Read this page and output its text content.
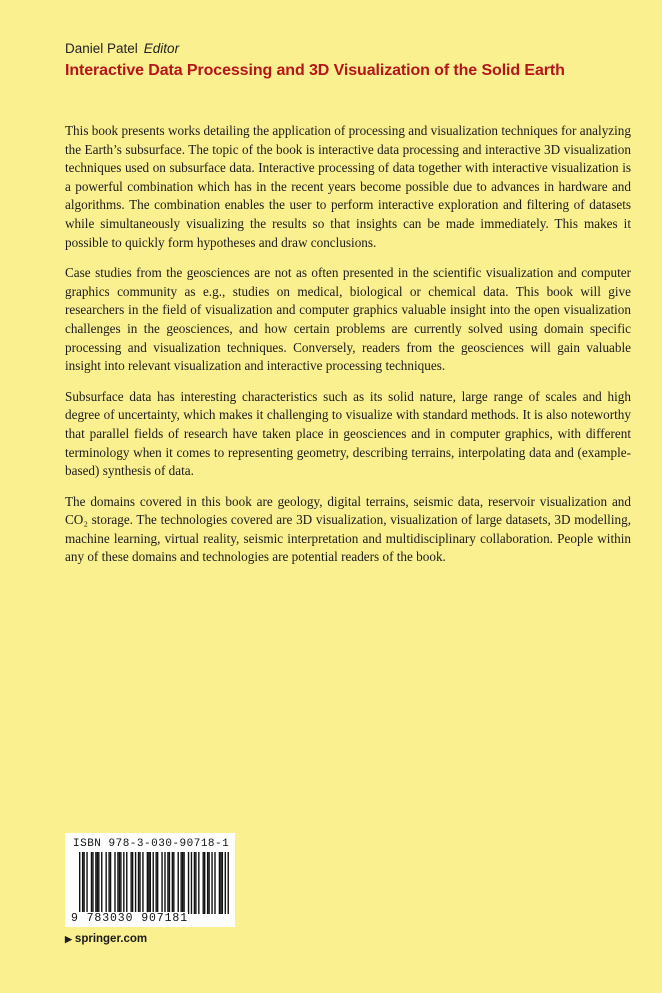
Daniel Patel Editor
Interactive Data Processing and 3D Visualization of the Solid Earth

This book presents works detailing the application of processing and visualization techniques for analyzing the Earth’s subsurface. The topic of the book is interactive data processing and interactive 3D visualization techniques used on subsurface data. Interactive processing of data together with interactive visualization is a powerful combination which has in the recent years become possible due to advances in hardware and algorithms. The combination enables the user to perform interactive exploration and filtering of datasets while simultaneously visualizing the results so that insights can be made immediately. This makes it possible to quickly form hypotheses and draw conclusions.

Case studies from the geosciences are not as often presented in the scientific visualization and computer graphics community as e.g., studies on medical, biological or chemical data. This book will give researchers in the field of visualization and computer graphics valuable insight into the open visualization challenges in the geosciences, and how certain problems are currently solved using domain specific processing and visualization techniques. Conversely, readers from the geosciences will gain valuable insight into relevant visualization and interactive processing techniques.

Subsurface data has interesting characteristics such as its solid nature, large range of scales and high degree of uncertainty, which makes it challenging to visualize with standard methods. It is also noteworthy that parallel fields of research have taken place in geosciences and in computer graphics, with different terminology when it comes to representing geometry, describing terrains, interpolating data and (example-based) synthesis of data.

The domains covered in this book are geology, digital terrains, seismic data, reservoir visualization and CO₂ storage. The technologies covered are 3D visualization, visualization of large datasets, 3D modelling, machine learning, virtual reality, seismic interpretation and multidisciplinary collaboration. People within any of these domains and technologies are potential readers of the book.

ISBN 978-3-030-90718-1
9 783030 907181
▶ springer.com
